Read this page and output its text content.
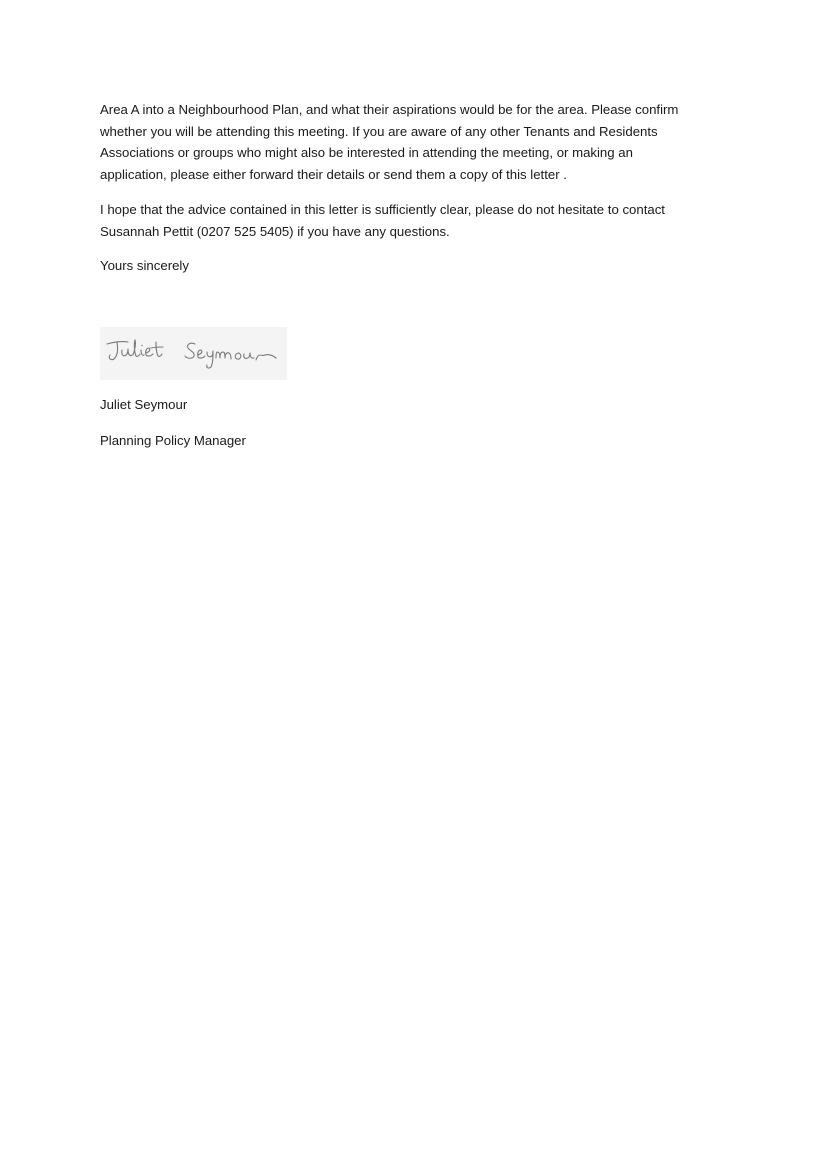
Area A into a Neighbourhood Plan, and what their aspirations would be for the area. Please confirm
whether you will be attending this meeting. If you are aware of any other Tenants and Residents
Associations or groups who might also be interested in attending the meeting, or making an
application, please either forward their details or send them a copy of this letter .

I hope that the advice contained in this letter is sufficiently clear, please do not hesitate to contact
Susannah Pettit (0207 525 5405) if you have any questions.

Yours sincerely

Juliet Seymour

Planning Policy Manager
